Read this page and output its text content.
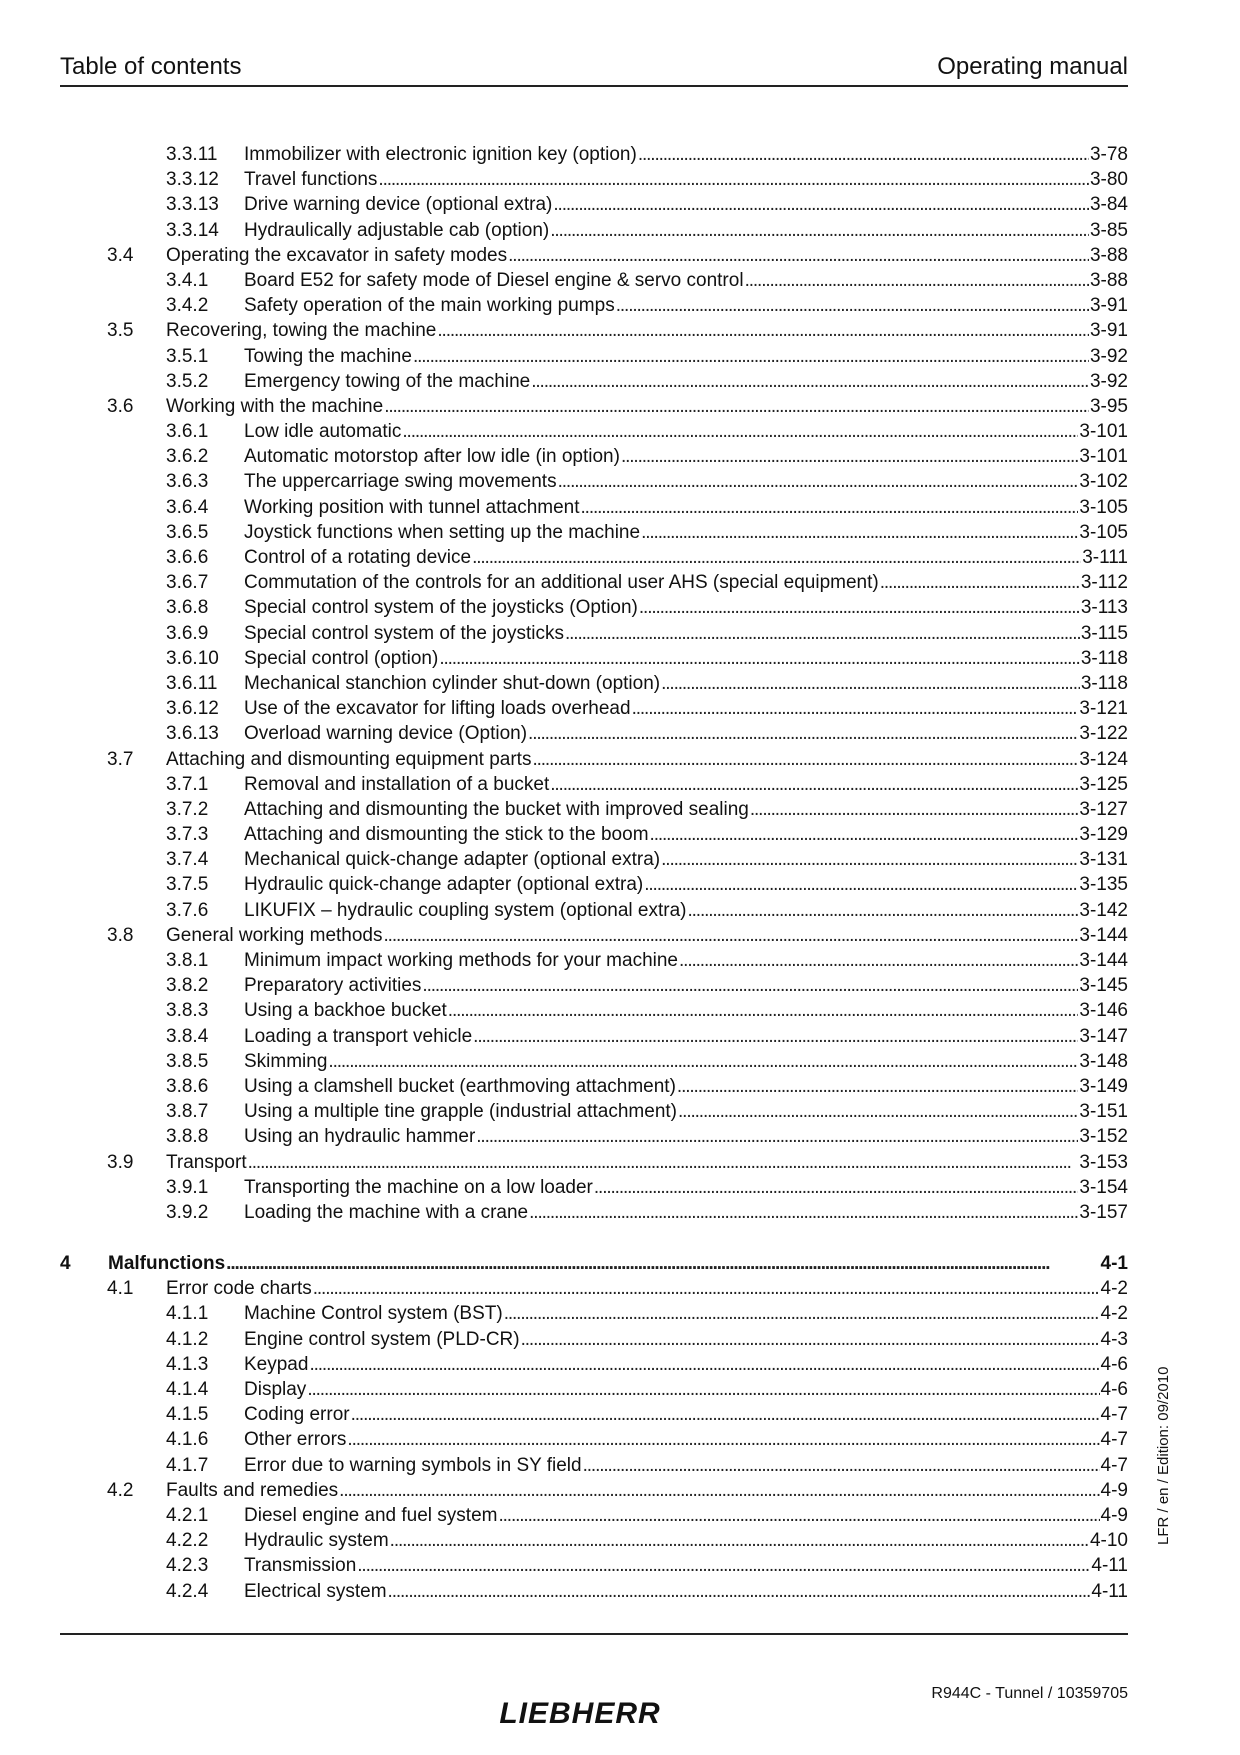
Table of contents	Operating manual
3.3.11 Immobilizer with electronic ignition key (option) . . .	3-78
3.3.12 Travel functions . . .	3-80
3.3.13 Drive warning device (optional extra) . . .	3-84
3.3.14 Hydraulically adjustable cab (option) . . .	3-85
3.4 Operating the excavator in safety modes . . .	3-88
3.4.1 Board E52 for safety mode of Diesel engine & servo control . . .	3-88
3.4.2 Safety operation of the main working pumps . . .	3-91
3.5 Recovering, towing the machine . . .	3-91
3.5.1 Towing the machine . . .	3-92
3.5.2 Emergency towing of the machine . . .	3-92
3.6 Working with the machine . . .	3-95
3.6.1 Low idle automatic . . .	3-101
3.6.2 Automatic motorstop after low idle (in option) . . .	3-101
3.6.3 The uppercarriage swing movements . . .	3-102
3.6.4 Working position with tunnel attachment . . .	3-105
3.6.5 Joystick functions when setting up the machine . . .	3-105
3.6.6 Control of a rotating device . . .	3-111
3.6.7 Commutation of the controls for an additional user AHS (special equipment) . . .	3-112
3.6.8 Special control system of the joysticks (Option) . . .	3-113
3.6.9 Special control system of the joysticks . . .	3-115
3.6.10 Special control (option) . . .	3-118
3.6.11 Mechanical stanchion cylinder shut-down (option) . . .	3-118
3.6.12 Use of the excavator for lifting loads overhead . . .	3-121
3.6.13 Overload warning device (Option) . . .	3-122
3.7 Attaching and dismounting equipment parts . . .	3-124
3.7.1 Removal and installation of a bucket . . .	3-125
3.7.2 Attaching and dismounting the bucket with improved sealing . . .	3-127
3.7.3 Attaching and dismounting the stick to the boom . . .	3-129
3.7.4 Mechanical quick-change adapter (optional extra) . . .	3-131
3.7.5 Hydraulic quick-change adapter (optional extra) . . .	3-135
3.7.6 LIKUFIX – hydraulic coupling system (optional extra) . . .	3-142
3.8 General working methods . . .	3-144
3.8.1 Minimum impact working methods for your machine . . .	3-144
3.8.2 Preparatory activities . . .	3-145
3.8.3 Using a backhoe bucket . . .	3-146
3.8.4 Loading a transport vehicle . . .	3-147
3.8.5 Skimming . . .	3-148
3.8.6 Using a clamshell bucket (earthmoving attachment) . . .	3-149
3.8.7 Using a multiple tine grapple (industrial attachment) . . .	3-151
3.8.8 Using an hydraulic hammer . . .	3-152
3.9 Transport . . .	3-153
3.9.1 Transporting the machine on a low loader . . .	3-154
3.9.2 Loading the machine with a crane . . .	3-157
4 Malfunctions . . .	4-1
4.1 Error code charts . . .	4-2
4.1.1 Machine Control system (BST) . . .	4-2
4.1.2 Engine control system (PLD-CR) . . .	4-3
4.1.3 Keypad . . .	4-6
4.1.4 Display . . .	4-6
4.1.5 Coding error . . .	4-7
4.1.6 Other errors . . .	4-7
4.1.7 Error due to warning symbols in SY field . . .	4-7
4.2 Faults and remedies . . .	4-9
4.2.1 Diesel engine and fuel system . . .	4-9
4.2.2 Hydraulic system . . .	4-10
4.2.3 Transmission . . .	4-11
4.2.4 Electrical system . . .	4-11
LFR / en / Edition: 09/2010
R944C - Tunnel / 10359705
LIEBHERR
